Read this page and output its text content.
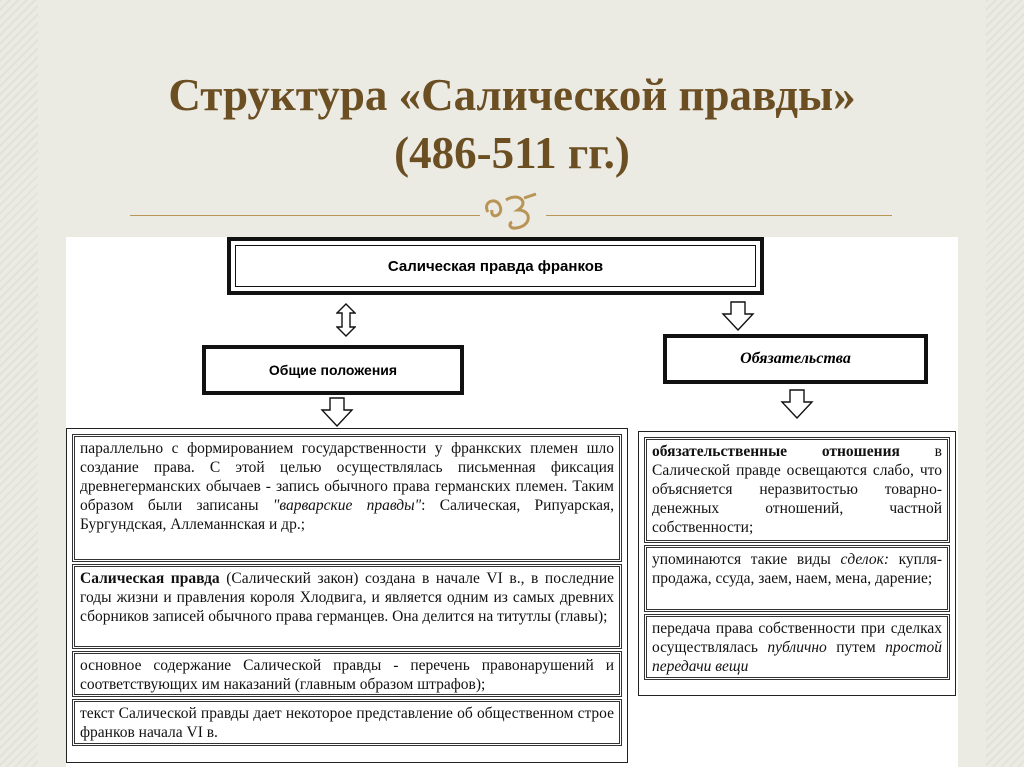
Структура «Салической правды»
(486-511 гг.)
Салическая правда франков
Общие положения
Обязательства
параллельно с формированием государственности у франкских племен шло создание права. С этой целью осуществлялась письменная фиксация древнегерманских обычаев - запись обычного права германских племен. Таким образом были записаны "варварские правды": Салическая, Рипуарская, Бургундская, Аллеманнская и др.;
Салическая правда (Салический закон) создана в начале VI в., в последние годы жизни и правления короля Хлодвига, и является одним из самых древних сборников записей обычного права германцев. Она делится на титутлы (главы);
основное содержание Салической правды - перечень правонарушений и соответствующих им наказаний (главным образом штрафов);
текст Салической правды дает некоторое представление об общественном строе франков начала VI в.
обязательственные отношения в Салической правде освещаются слабо, что объясняется неразвитостью товарно-денежных отношений, частной собственности;
упоминаются такие виды сделок: купля-продажа, ссуда, заем, наем, мена, дарение;
передача права собственности при сделках осуществлялась публично путем простой передачи вещи
